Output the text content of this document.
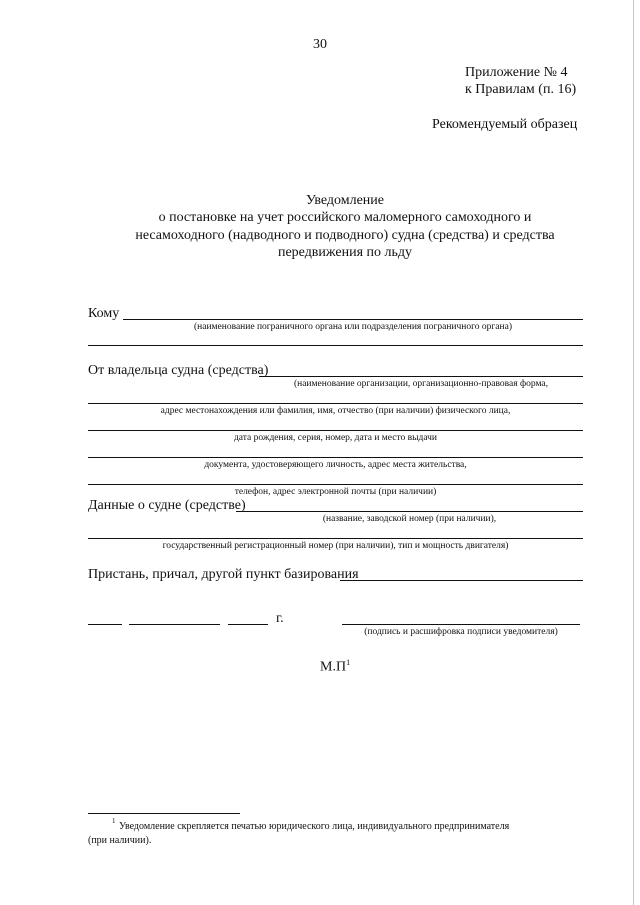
30
Приложение № 4
к Правилам (п. 16)
Рекомендуемый образец
Уведомление
о постановке на учет российского маломерного самоходного и
несамоходного (надводного и подводного) судна (средства) и средства
передвижения по льду
Кому
(наименование пограничного органа или подразделения пограничного органа)
От владельца судна (средства)
(наименование организации, организационно-правовая форма,
адрес местонахождения или фамилия, имя, отчество (при наличии) физического лица,
дата рождения, серия, номер, дата и место выдачи
документа, удостоверяющего личность, адрес места жительства,
телефон, адрес электронной почты (при наличии)
Данные о судне (средстве)
(название, заводской номер (при наличии),
государственный регистрационный номер (при наличии), тип и мощность двигателя)
Пристань, причал, другой пункт базирования
г.
(подпись и расшифровка подписи уведомителя)
$М.П^1$
1 Уведомление скрепляется печатью юридического лица, индивидуального предпринимателя
(при наличии).
